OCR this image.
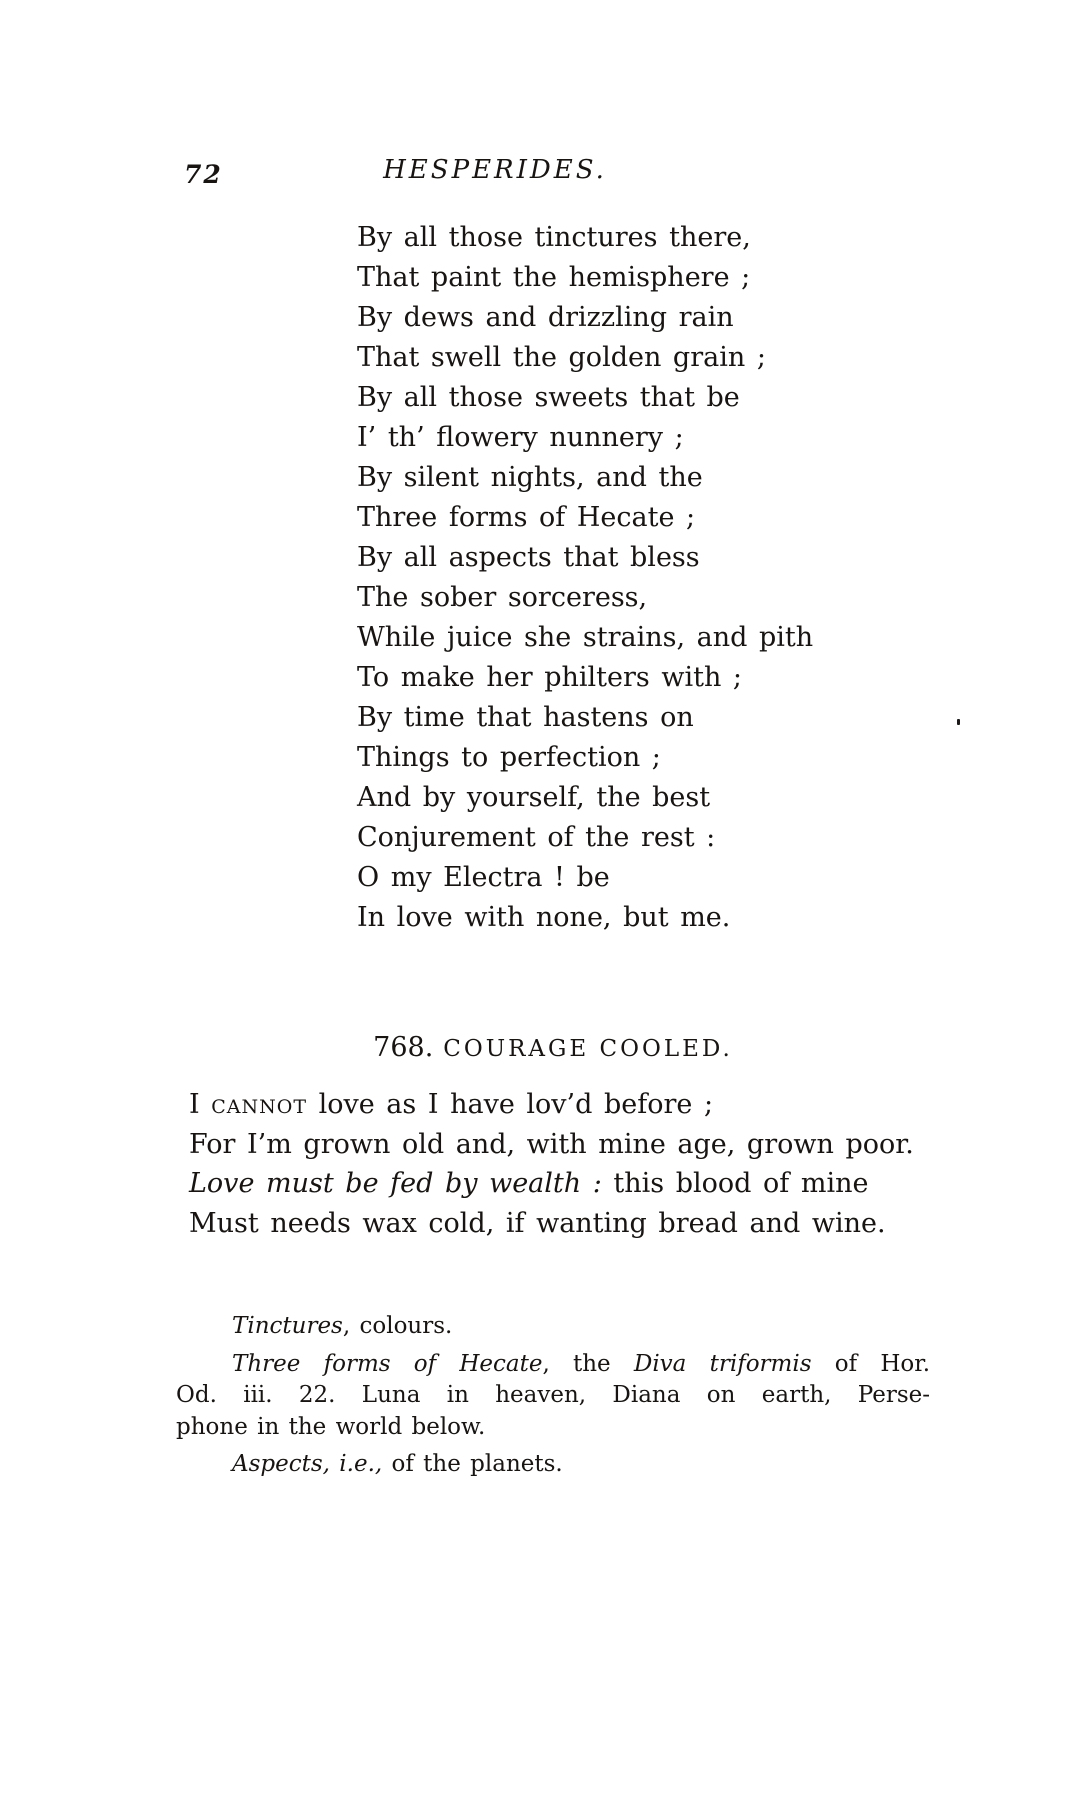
72	HESPERIDES.
By all those tinctures there,
That paint the hemisphere ;
By dews and drizzling rain
That swell the golden grain ;
By all those sweets that be
I’ th’ flowery nunnery ;
By silent nights, and the
Three forms of Hecate ;
By all aspects that bless
The sober sorceress,
While juice she strains, and pith
To make her philters with ;
By time that hastens on
Things to perfection ;
And by yourself, the best
Conjurement of the rest :
O my Electra ! be
In love with none, but me.
768. COURAGE COOLED.
I cannot love as I have lov’d before ;
For I’m grown old and, with mine age, grown poor.
Love must be fed by wealth : this blood of mine
Must needs wax cold, if wanting bread and wine.
Tinctures, colours.
Three forms of Hecate, the Diva triformis of Hor.
Od. iii. 22. Luna in heaven, Diana on earth, Perse-
phone in the world below.
Aspects, i.e., of the planets.
